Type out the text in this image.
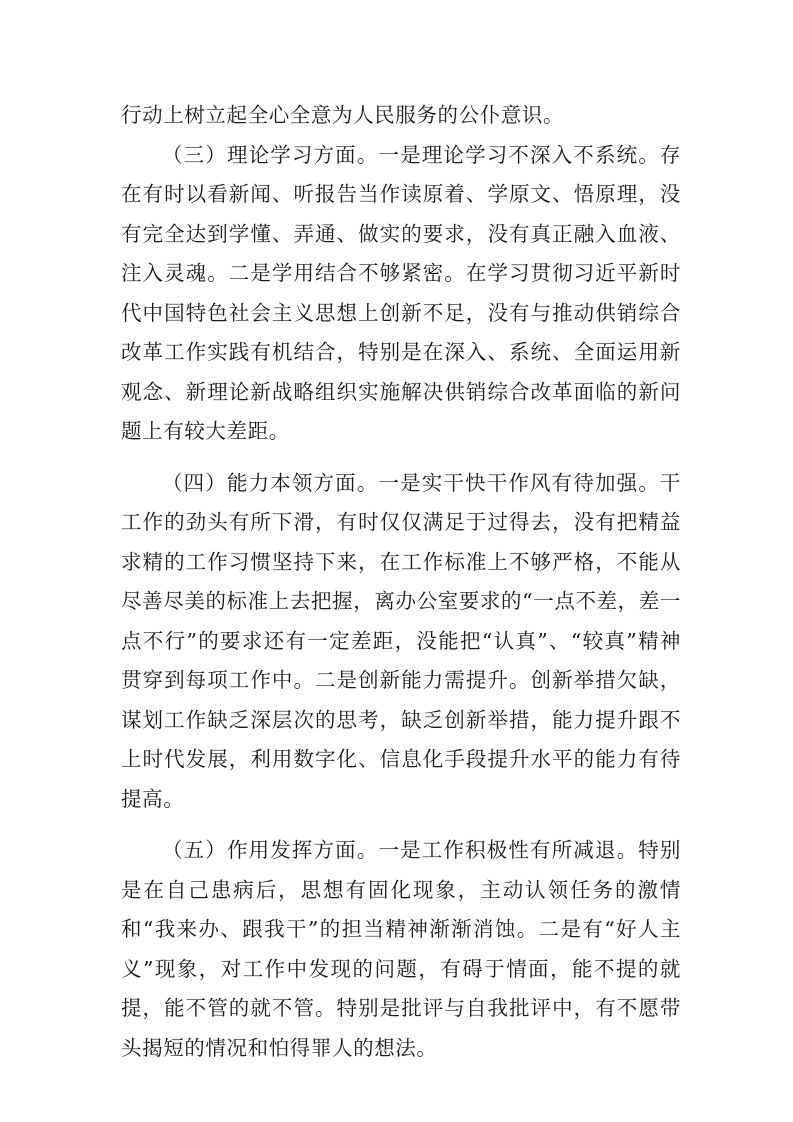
行动上树立起全心全意为人民服务的公仆意识。

（三）理论学习方面。一是理论学习不深入不系统。存在有时以看新闻、听报告当作读原着、学原文、悟原理，没有完全达到学懂、弄通、做实的要求，没有真正融入血液、注入灵魂。二是学用结合不够紧密。在学习贯彻习近平新时代中国特色社会主义思想上创新不足，没有与推动供销综合改革工作实践有机结合，特别是在深入、系统、全面运用新观念、新理论新战略组织实施解决供销综合改革面临的新问题上有较大差距。

（四）能力本领方面。一是实干快干作风有待加强。干工作的劲头有所下滑，有时仅仅满足于过得去，没有把精益求精的工作习惯坚持下来，在工作标准上不够严格，不能从尽善尽美的标准上去把握，离办公室要求的“一点不差，差一点不行”的要求还有一定差距，没能把“认真”、“较真”精神贯穿到每项工作中。二是创新能力需提升。创新举措欠缺，谋划工作缺乏深层次的思考，缺乏创新举措，能力提升跟不上时代发展，利用数字化、信息化手段提升水平的能力有待提高。

（五）作用发挥方面。一是工作积极性有所减退。特别是在自己患病后，思想有固化现象，主动认领任务的激情和“我来办、跟我干”的担当精神渐渐消蚀。二是有“好人主义”现象，对工作中发现的问题，有碍于情面，能不提的就提，能不管的就不管。特别是批评与自我批评中，有不愿带头揭短的情况和怕得罪人的想法。
